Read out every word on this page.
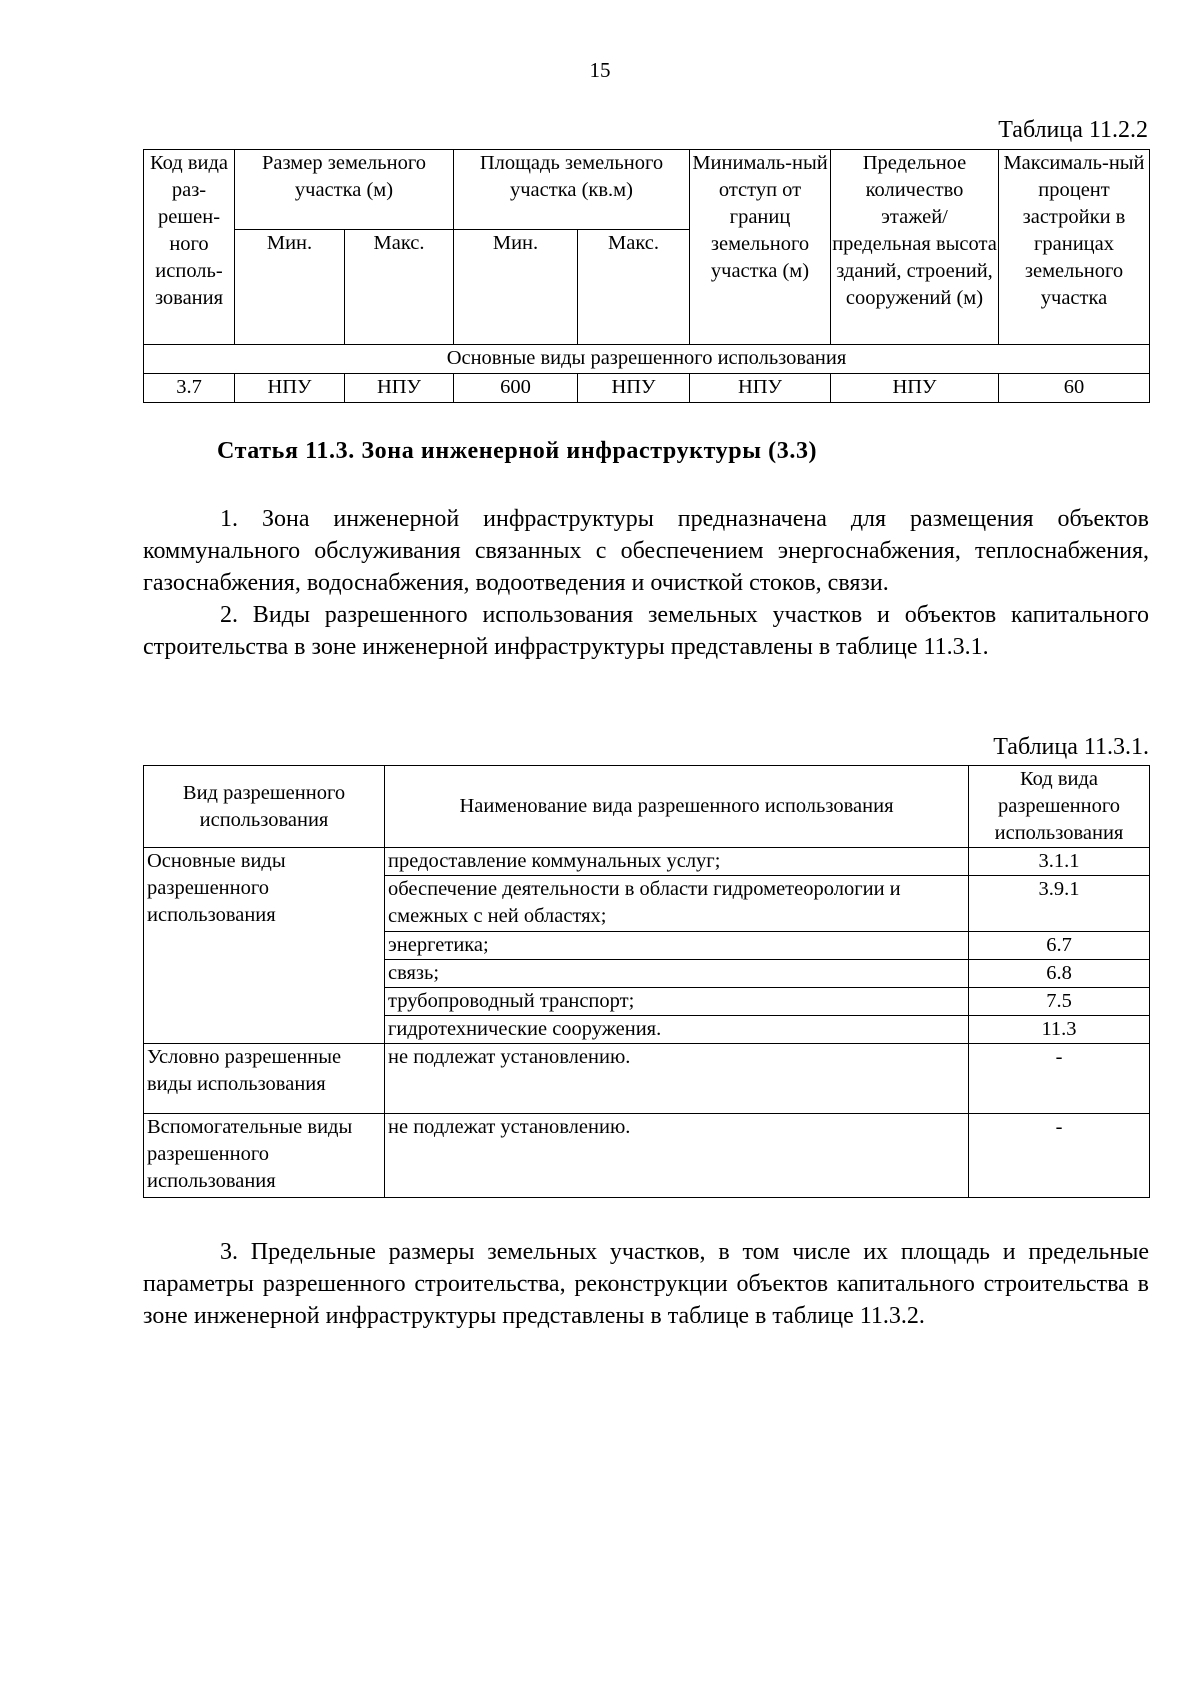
15
Таблица 11.2.2
Код вида раз-решен-ного исполь-зования	Размер земельного участка (м)		Площадь земельного участка (кв.м)		Минималь-ный отступ от границ земельного участка (м)	Предельное количество этажей/ предельная высота зданий, строений, сооружений (м)	Максималь-ный процент застройки в границах земельного участка
	Мин.	Макс.	Мин.	Макс.			
Основные виды разрешенного использования							
3.7	НПУ	НПУ	600	НПУ	НПУ	НПУ	60
Статья 11.3. Зона инженерной инфраструктуры (3.3)

1. Зона инженерной инфраструктуры предназначена для размещения объектов коммунального обслуживания связанных с обеспечением энергоснабжения, теплоснабжения, газоснабжения, водоснабжения, водоотведения и очисткой стоков, связи.

2. Виды разрешенного использования земельных участков и объектов капитального строительства в зоне инженерной инфраструктуры представлены в таблице 11.3.1.

Таблица 11.3.1.
Вид разрешенного использования	Наименование вида разрешенного использования	Код вида разрешенного использования
Основные виды разрешенного использования	предоставление коммунальных услуг;	3.1.1
	обеспечение деятельности в области гидрометеорологии и смежных с ней областях;	3.9.1
	энергетика;	6.7
	связь;	6.8
	трубопроводный транспорт;	7.5
	гидротехнические сооружения.	11.3
Условно разрешенные виды использования	не подлежат установлению.	-
Вспомогательные виды разрешенного использования	не подлежат установлению.	-

3. Предельные размеры земельных участков, в том числе их площадь и предельные параметры разрешенного строительства, реконструкции объектов капитального строительства в зоне инженерной инфраструктуры представлены в таблице в таблице 11.3.2.
